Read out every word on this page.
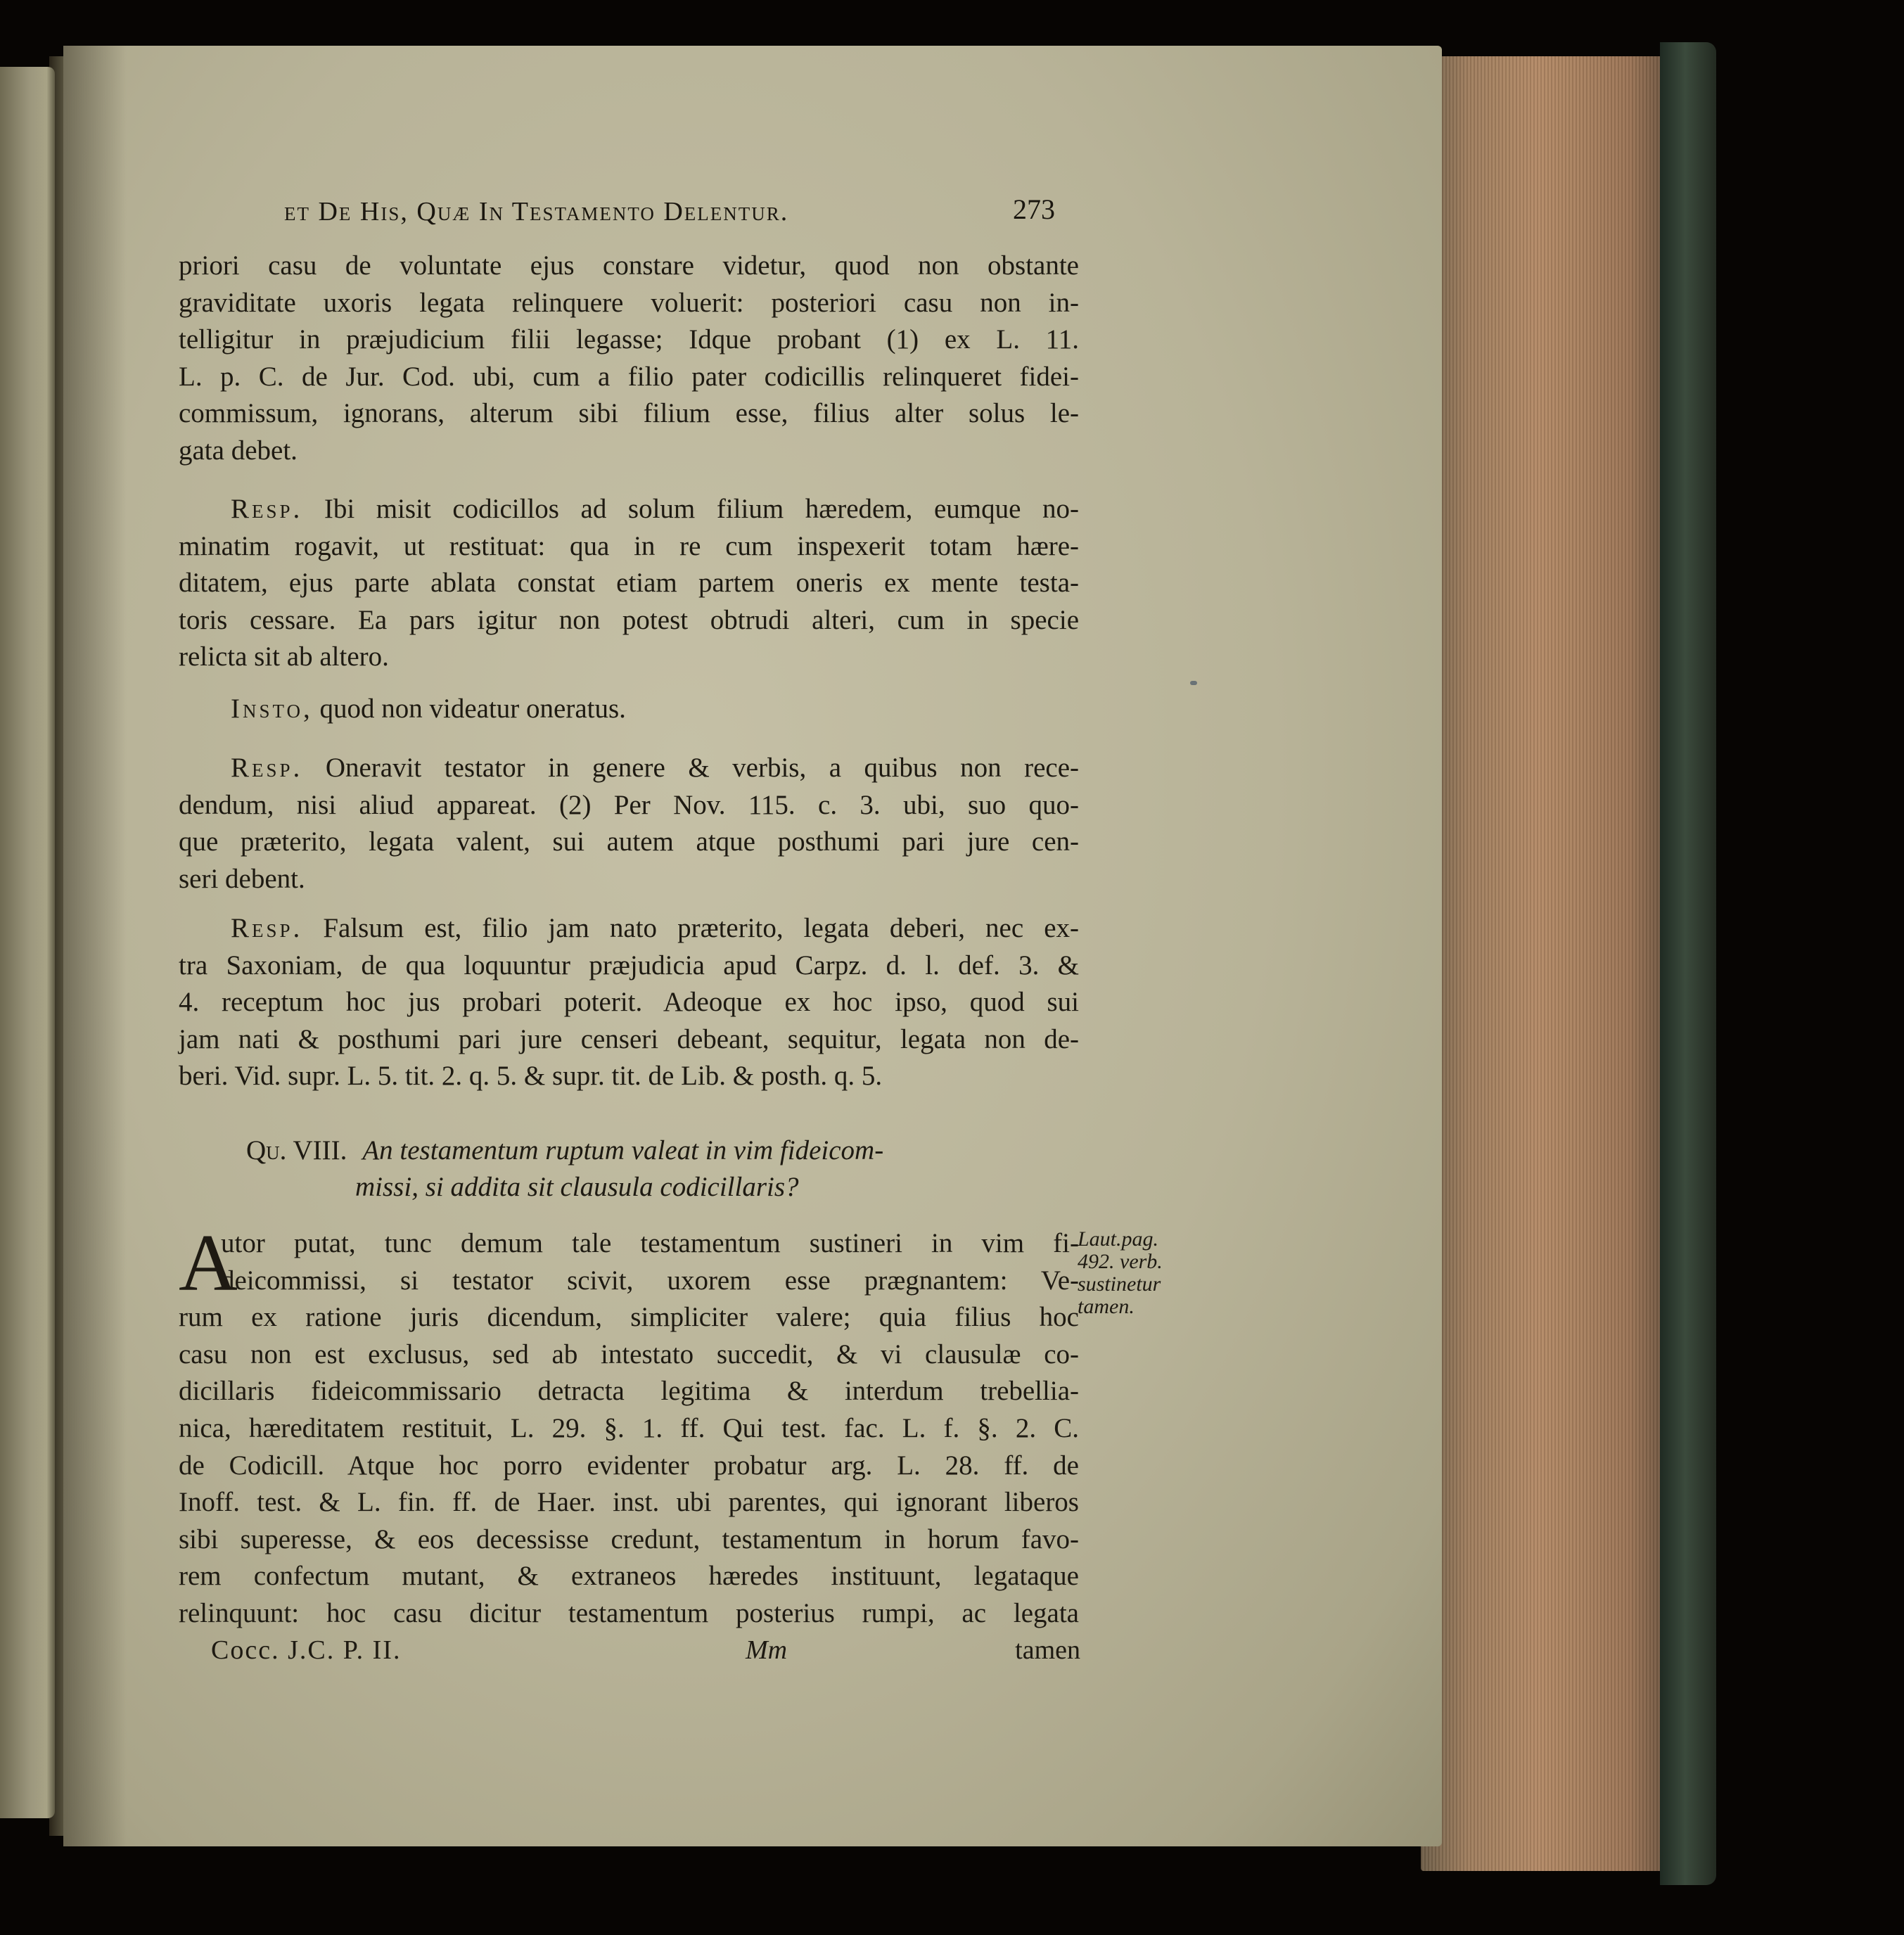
et De His, Quæ In Testamento Delentur.	273
priori casu de voluntate ejus constare videtur, quod non obstante
graviditate uxoris legata relinquere voluerit: posteriori casu non in-
telligitur in præjudicium filii legasse; Idque probant (1) ex L. 11.
L. p. C. de Jur. Cod. ubi, cum a filio pater codicillis relinqueret fidei-
commissum, ignorans, alterum sibi filium esse, filius alter solus le-
gata debet.
Resp. Ibi misit codicillos ad solum filium hæredem, eumque no-
minatim rogavit, ut restituat: qua in re cum inspexerit totam hære-
ditatem, ejus parte ablata constat etiam partem oneris ex mente testa-
toris cessare. Ea pars igitur non potest obtrudi alteri, cum in specie
relicta sit ab altero.
Insto, quod non videatur oneratus.
Resp. Oneravit testator in genere & verbis, a quibus non rece-
dendum, nisi aliud appareat. (2) Per Nov. 115. c. 3. ubi, suo quo-
que præterito, legata valent, sui autem atque posthumi pari jure cen-
seri debent.
Resp. Falsum est, filio jam nato præterito, legata deberi, nec ex-
tra Saxoniam, de qua loquuntur præjudicia apud Carpz. d. l. def. 3. &
4. receptum hoc jus probari poterit. Adeoque ex hoc ipso, quod sui
jam nati & posthumi pari jure censeri debeant, sequitur, legata non de-
beri. Vid. supr. L. 5. tit. 2. q. 5. & supr. tit. de Lib. & posth. q. 5.
Qu. VIII. An testamentum ruptum valeat in vim fideicom-
missi, si addita sit clausula codicillaris?
A
utor putat, tunc demum tale testamentum sustineri in vim fi-
deicommissi, si testator scivit, uxorem esse prægnantem: Ve-
rum ex ratione juris dicendum, simpliciter valere; quia filius hoc
casu non est exclusus, sed ab intestato succedit, & vi clausulæ co-
dicillaris fideicommissario detracta legitima & interdum trebellia-
nica, hæreditatem restituit, L. 29. §. 1. ff. Qui test. fac. L. f. §. 2. C.
de Codicill. Atque hoc porro evidenter probatur arg. L. 28. ff. de
Inoff. test. & L. fin. ff. de Haer. inst. ubi parentes, qui ignorant liberos
sibi superesse, & eos decessisse credunt, testamentum in horum favo-
rem confectum mutant, & extraneos hæredes instituunt, legataque
relinquunt: hoc casu dicitur testamentum posterius rumpi, ac legata
Laut.pag.
492. verb.
sustinetur
tamen.
Cocc. J.C. P. II.	Mm	tamen
